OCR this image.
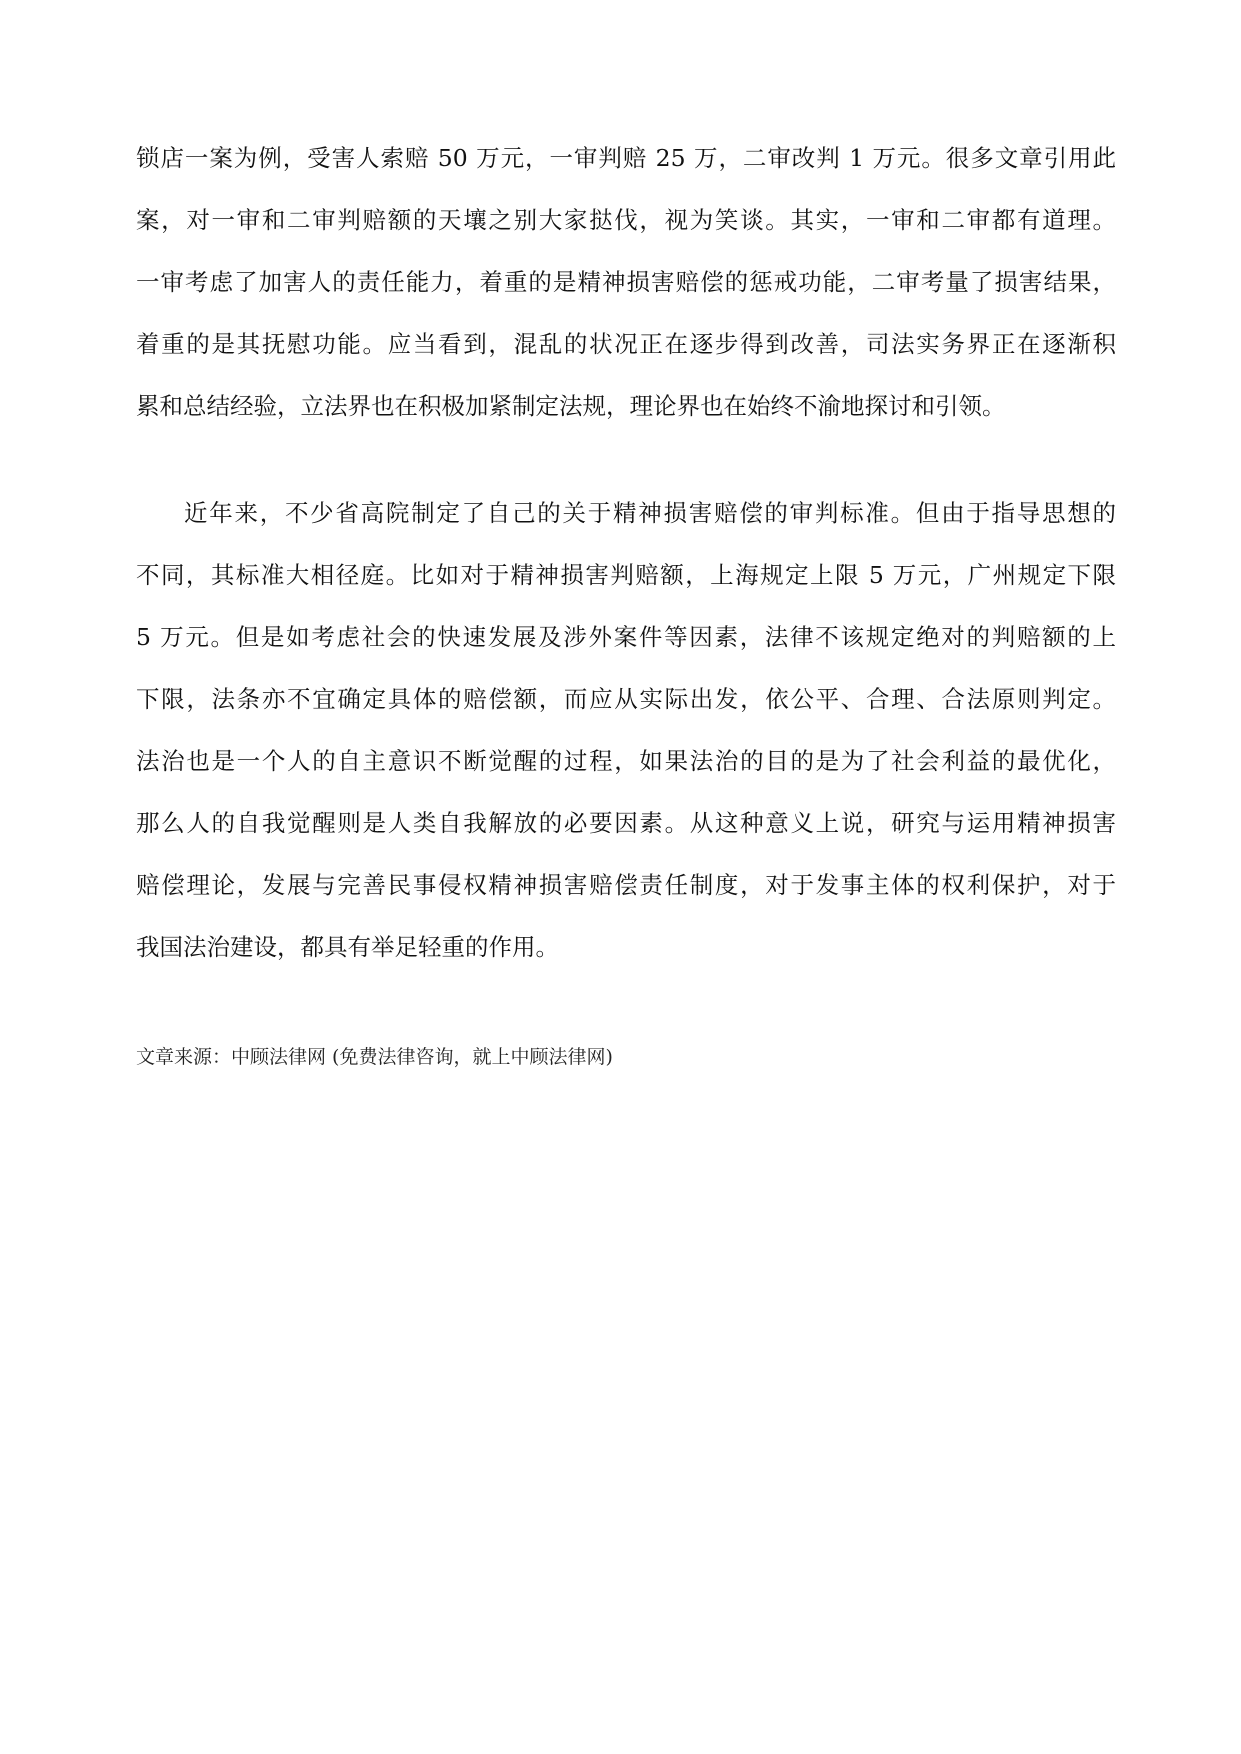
锁店一案为例，受害人索赔 50 万元，一审判赔 25 万，二审改判 1 万元。很多文章引用此
案，对一审和二审判赔额的天壤之别大家挞伐，视为笑谈。其实，一审和二审都有道理。
一审考虑了加害人的责任能力，着重的是精神损害赔偿的惩戒功能，二审考量了损害结果，
着重的是其抚慰功能。应当看到，混乱的状况正在逐步得到改善，司法实务界正在逐渐积
累和总结经验，立法界也在积极加紧制定法规，理论界也在始终不渝地探讨和引领。
近年来，不少省高院制定了自己的关于精神损害赔偿的审判标准。但由于指导思想的
不同，其标准大相径庭。比如对于精神损害判赔额，上海规定上限 5 万元，广州规定下限
5 万元。但是如考虑社会的快速发展及涉外案件等因素，法律不该规定绝对的判赔额的上
下限，法条亦不宜确定具体的赔偿额，而应从实际出发，依公平、合理、合法原则判定。
法治也是一个人的自主意识不断觉醒的过程，如果法治的目的是为了社会利益的最优化，
那么人的自我觉醒则是人类自我解放的必要因素。从这种意义上说，研究与运用精神损害
赔偿理论，发展与完善民事侵权精神损害赔偿责任制度，对于发事主体的权利保护，对于
我国法治建设，都具有举足轻重的作用。
文章来源：中顾法律网 (免费法律咨询，就上中顾法律网)
